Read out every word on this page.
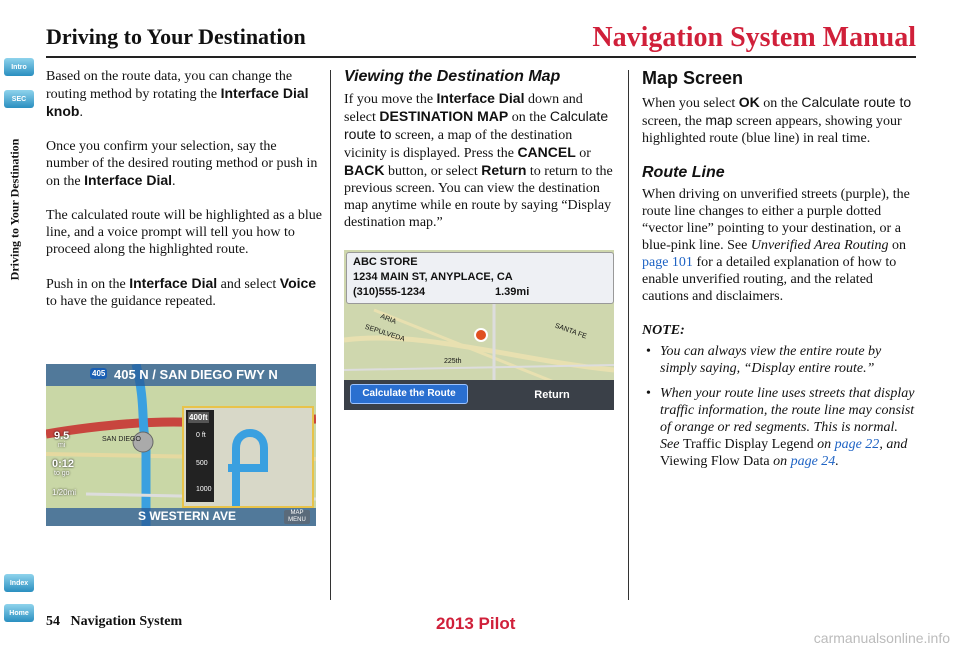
Driving to Your Destination	Navigation System Manual
Intro
SEC
Index
Home
Driving to Your Destination

Based on the route data, you can change the routing method by rotating the Interface Dial knob.

Once you confirm your selection, say the number of the desired routing method or push in on the Interface Dial.

The calculated route will be highlighted as a blue line, and a voice prompt will tell you how to proceed along the highlighted route.

Push in on the Interface Dial and select Voice to have the guidance repeated.

405 405 N / SAN DIEGO FWY N
9.5
mi
0:12
to go
1/20mi
SAN DIEGO
S WESTERN AVE	MAP MENU
400ft
0 ft
500
1000
Viewing the Destination Map

If you move the Interface Dial down and select DESTINATION MAP on the Calculate route to screen, a map of the destination vicinity is displayed. Press the CANCEL or BACK button, or select Return to return to the previous screen. You can view the destination map anytime while en route by saying “Display destination map.”

ABC STORE
1234 MAIN ST, ANYPLACE, CA
(310)555-1234	1.39mi
SEPULVEDA
ARIA
SANTA FE
225th
Calculate the Route	Return
Map Screen

When you select OK on the Calculate route to screen, the map screen appears, showing your highlighted route (blue line) in real time.

Route Line

When driving on unverified streets (purple), the route line changes to either a purple dotted “vector line” pointing to your destination, or a blue-pink line. See Unverified Area Routing on page 101 for a detailed explanation of how to enable unverified routing, and the related cautions and disclaimers.

NOTE:
• You can always view the entire route by simply saying, “Display entire route.”
• When your route line uses streets that display traffic information, the route line may consist of orange or red segments. This is normal. See Traffic Display Legend on page 22, and Viewing Flow Data on page 24.
54 Navigation System	2013 Pilot
carmanualsonline.info
